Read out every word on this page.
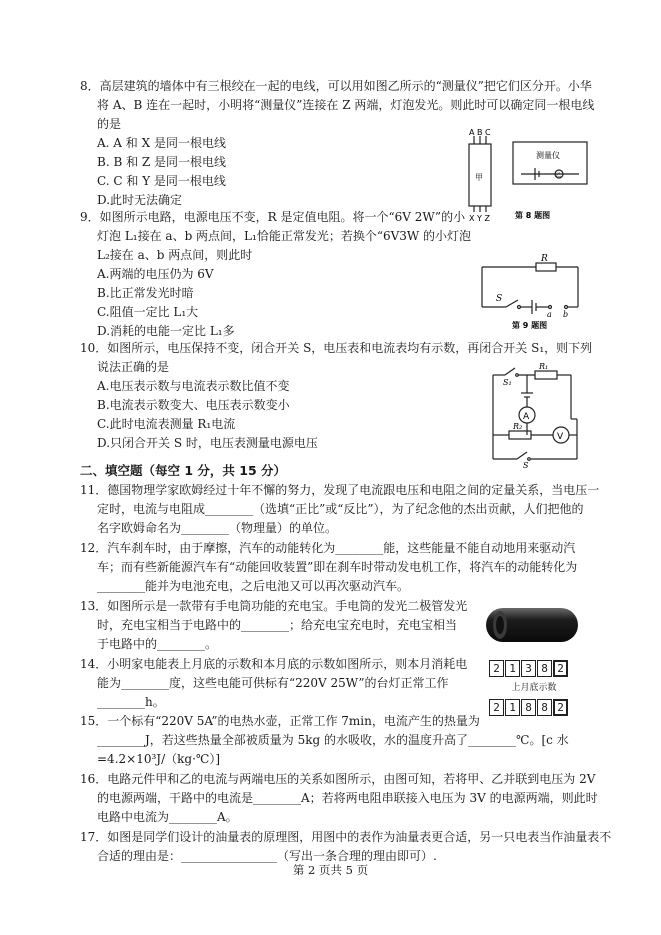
8．高层建筑的墙体中有三根绞在一起的电线，可以用如图乙所示的“测量仪”把它们区分开。小华
将 A、B 连在一起时，小明将“测量仪”连接在 Z 两端，灯泡发光。则此时可以确定同一根电线
的是
A. A 和 X 是同一根电线
B. B 和 Z 是同一根电线
C. C 和 Y 是同一根电线
D.此时无法确定
9．如图所示电路，电源电压不变，R 是定值电阻。将一个“6V 2W”的小
灯泡 L₁接在 a、b 两点间，L₁恰能正常发光；若换个“6V3W 的小灯泡
L₂接在 a、b 两点间，则此时
A.两端的电压仍为 6V
B.比正常发光时暗
C.阻值一定比 L₁大
D.消耗的电能一定比 L₁多
10．如图所示，电压保持不变，闭合开关 S，电压表和电流表均有示数，再闭合开关 S₁，则下列
说法正确的是
A.电压表示数与电流表示数比值不变
B.电流表示数变大、电压表示数变小
C.此时电流表测量 R₁电流
D.只闭合开关 S 时，电压表测量电源电压
11．德国物理学家欧姆经过十年不懈的努力，发现了电流跟电压和电阻之间的定量关系，当电压一
定时，电流与电阻成________（选填“正比”或“反比”），为了纪念他的杰出贡献，人们把他的
名字欧姆命名为________（物理量）的单位。
12．汽车刹车时，由于摩擦，汽车的动能转化为________能，这些能量不能自动地用来驱动汽
车；而有些新能源汽车有“动能回收装置”即在刹车时带动发电机工作，将汽车的动能转化为
________能并为电池充电，之后电池又可以再次驱动汽车。
13．如图所示是一款带有手电筒功能的充电宝。手电筒的发光二极管发光
时，充电宝相当于电路中的________；给充电宝充电时，充电宝相当
于电路中的________。
14．小明家电能表上月底的示数和本月底的示数如图所示，则本月消耗电
能为________度，这些电能可供标有“220V 25W”的台灯正常工作
________h。
15．一个标有“220V 5A”的电热水壶，正常工作 7min，电流产生的热量为
________J，若这些热量全部被质量为 5kg 的水吸收，水的温度升高了________℃。[c 水
=4.2×10³J/（kg·℃）]
16．电路元件甲和乙的电流与两端电压的关系如图所示，由图可知，若将甲、乙并联到电压为 2V
的电源两端，干路中的电流是________A；若将两电阻串联接入电压为 3V 的电源两端，则此时
电路中电流为________A。
17．如图是同学们设计的油量表的原理图，用图中的表作为油量表更合适，另一只电表当作油量表不
合适的理由是：________________（写出一条合理的理由即可）.
二、填空题（每空 1 分，共 15 分）
A B C
甲
X Y Z
测量仪
乙
第 8 题图
R
S
a b
第 9 题图
S₁
R₁
A
R₂
V
S
2 1 3 8 2
上月底示数
2 1 8 8 2
第 2 页共 5 页
